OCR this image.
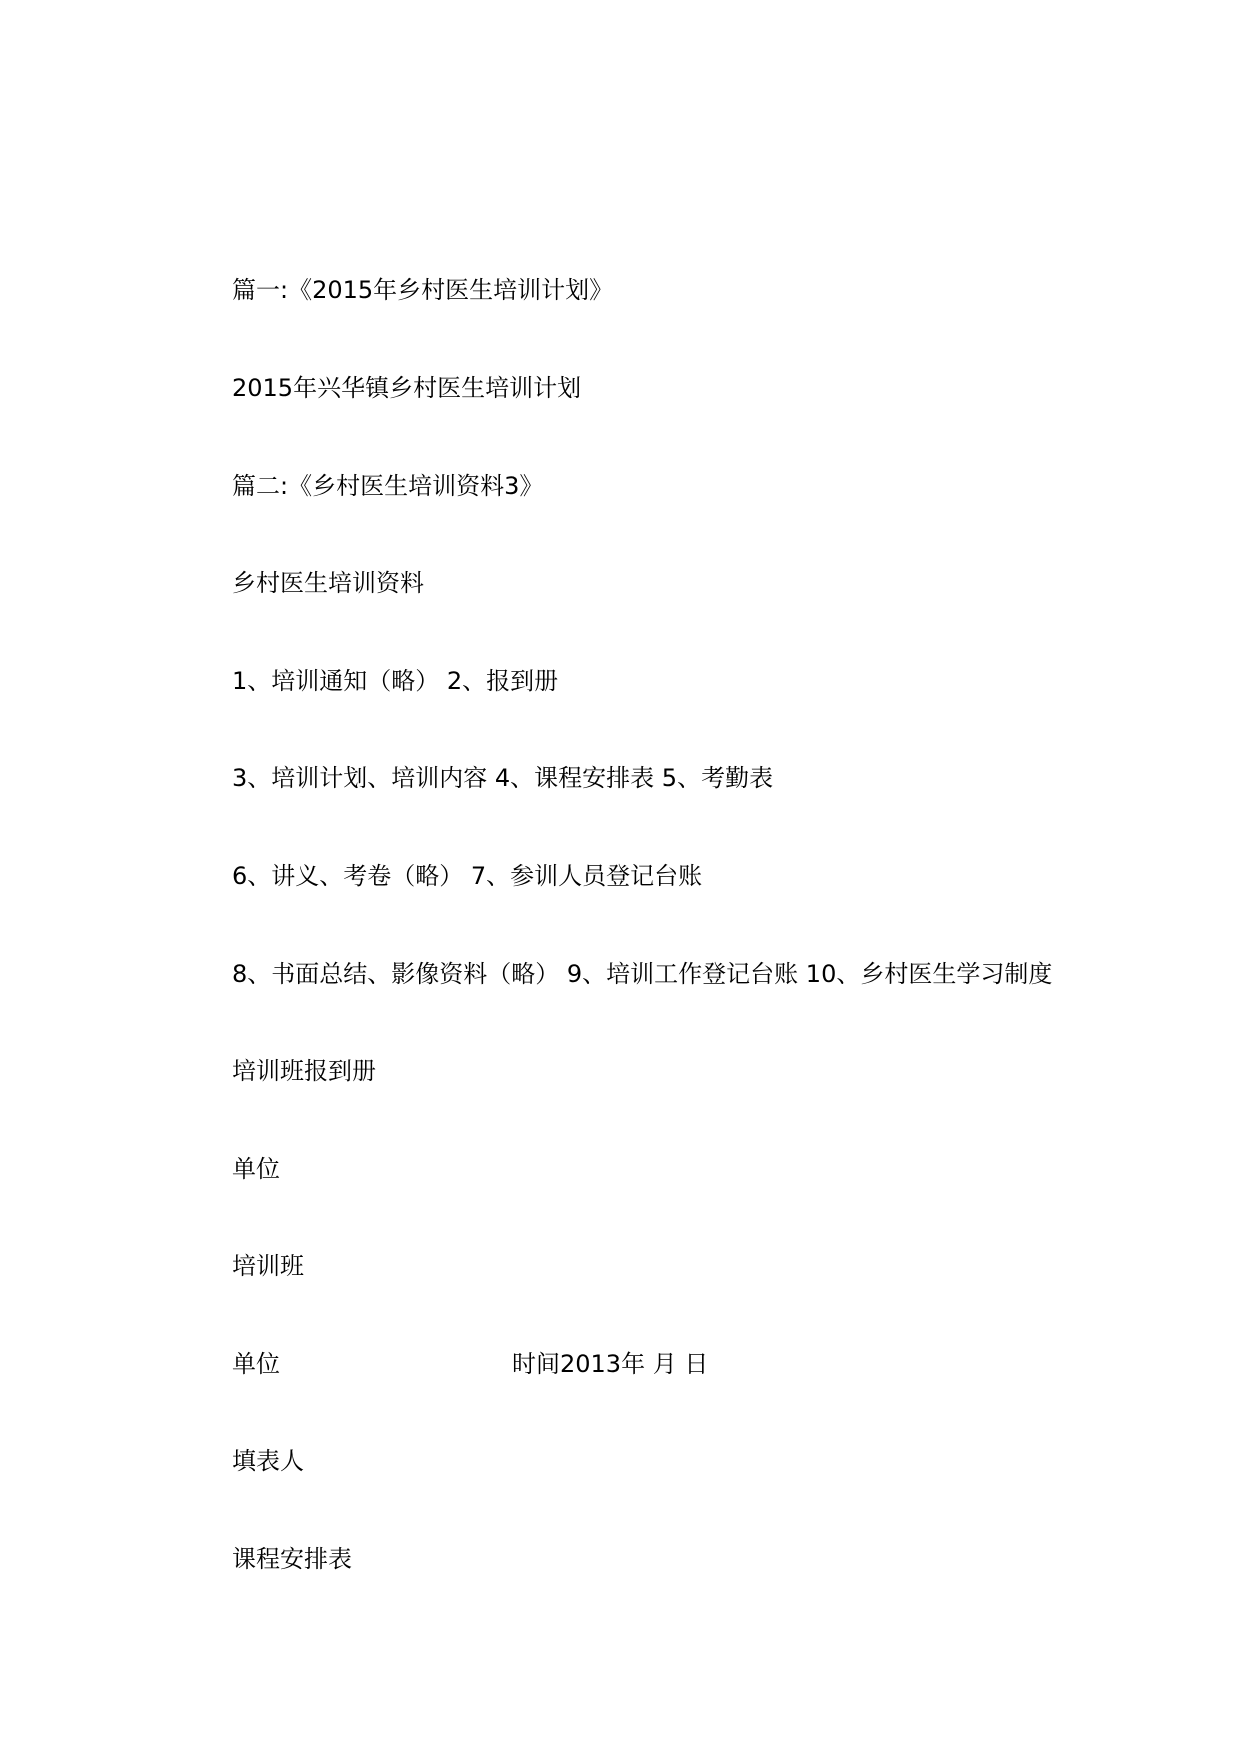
篇一:《2015年乡村医生培训计划》
2015年兴华镇乡村医生培训计划
篇二:《乡村医生培训资料3》
乡村医生培训资料
1、培训通知（略） 2、报到册
3、培训计划、培训内容 4、课程安排表 5、考勤表
6、讲义、考卷（略） 7、参训人员登记台账
8、书面总结、影像资料（略） 9、培训工作登记台账 10、乡村医生学习制度
培训班报到册
单位
培训班
单位	时间2013年 月 日
填表人
课程安排表
